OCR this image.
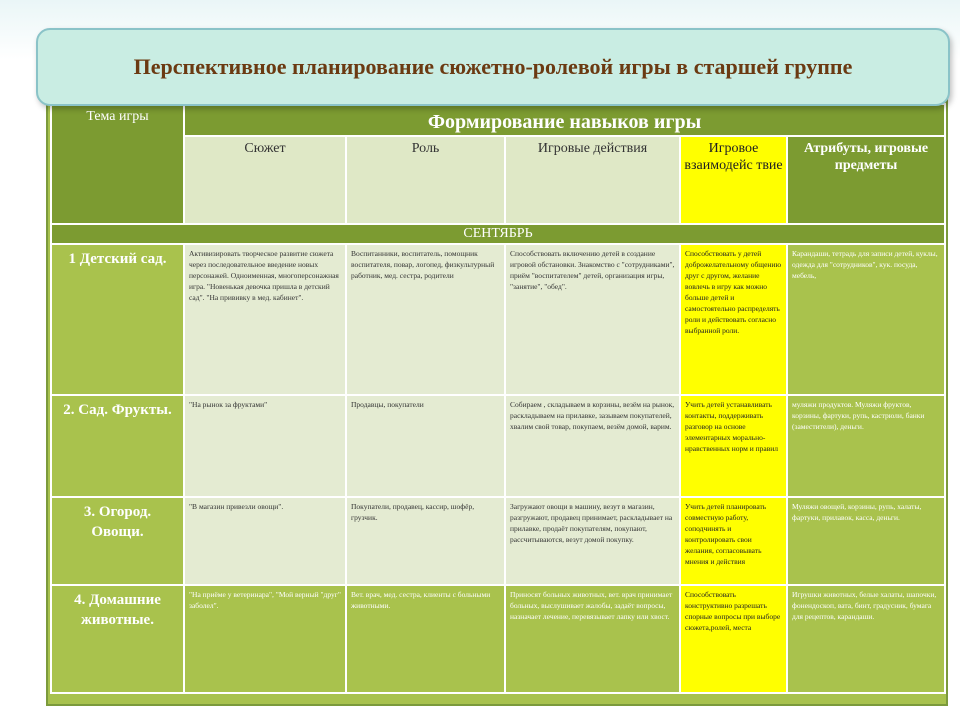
Перспективное планирование сюжетно-ролевой игры в старшей группе
Тема игры	Формирование навыков игры				
	Сюжет	Роль	Игровые действия	Игровое взаимодейс твие	Атрибуты, игровые предметы
СЕНТЯБРЬ					
1 Детский сад.	Активизировать творческое развитие сюжета через последовательное введение новых персонажей. Одноименная, многоперсонажная игра. "Новенькая девочка пришла в детский сад". "На прививку в мед. кабинет".	Воспитанники, воспитатель, помощник воспитателя, повар, логопед, физкультурный работник, мед. сестра, родители	Способствовать включению детей в создание игровой обстановки. Знакомство с "сотрудниками", приём "воспитателем" детей, организация игры, "занятие", "обед".	Способствовать у детей доброжелательному общению друг с другом, желание вовлечь в игру как можно больше детей и самостоятельно распределять роли и действовать согласно выбранной роли.	Карандаши, тетрадь для записи детей, куклы, одежда для "сотрудников", кук. посуда, мебель,
2. Сад. Фрукты.	"На рынок за фруктами"	Продавцы, покупатели	Собираем , складываем в корзины, везём на рынок, раскладываем на прилавке, зазываем покупателей, хвалим свой товар, покупаем, везём домой, варим.	Учить детей устанавливать контакты, поддерживать разговор на основе элементарных морально-нравственных норм и правил	муляжи продуктов. Муляжи фруктов, корзины, фартуки, рупь, кастрюли, банки (заместители), деньги.
3. Огород. Овощи.	"В магазин привезли овощи".	Покупатели, продавец, кассир, шофёр, грузчик.	Загружают овощи в машину, везут в магазин, разгружают, продавец принимает, раскладывает на прилавке, продаёт покупателям, покупают, рассчитываются, везут домой покупку.	Учить детей планировать совместную работу, соподчинять и контролировать свои желания, согласовывать мнения и действия	Муляжи овощей, корзины, рупь, халаты, фартуки, прилавок, касса, деньги.
4. Домашние животные.	"На приёме у ветеринара", "Мой верный "друг" заболел".	Вет. врач, мед. сестра, клиенты с больными животными.	Приносят больных животных, вет. врач принимает больных, выслушивает жалобы, задаёт вопросы, назначает лечение, перевязывает лапку или хвост.	Способствовать конструктивно разрешать спорные вопросы при выборе сюжета,ролей, места	Игрушки животных, белые халаты, шапочки, фонендоскоп, вата, бинт, градусник, бумага для рецептов, карандаши.
